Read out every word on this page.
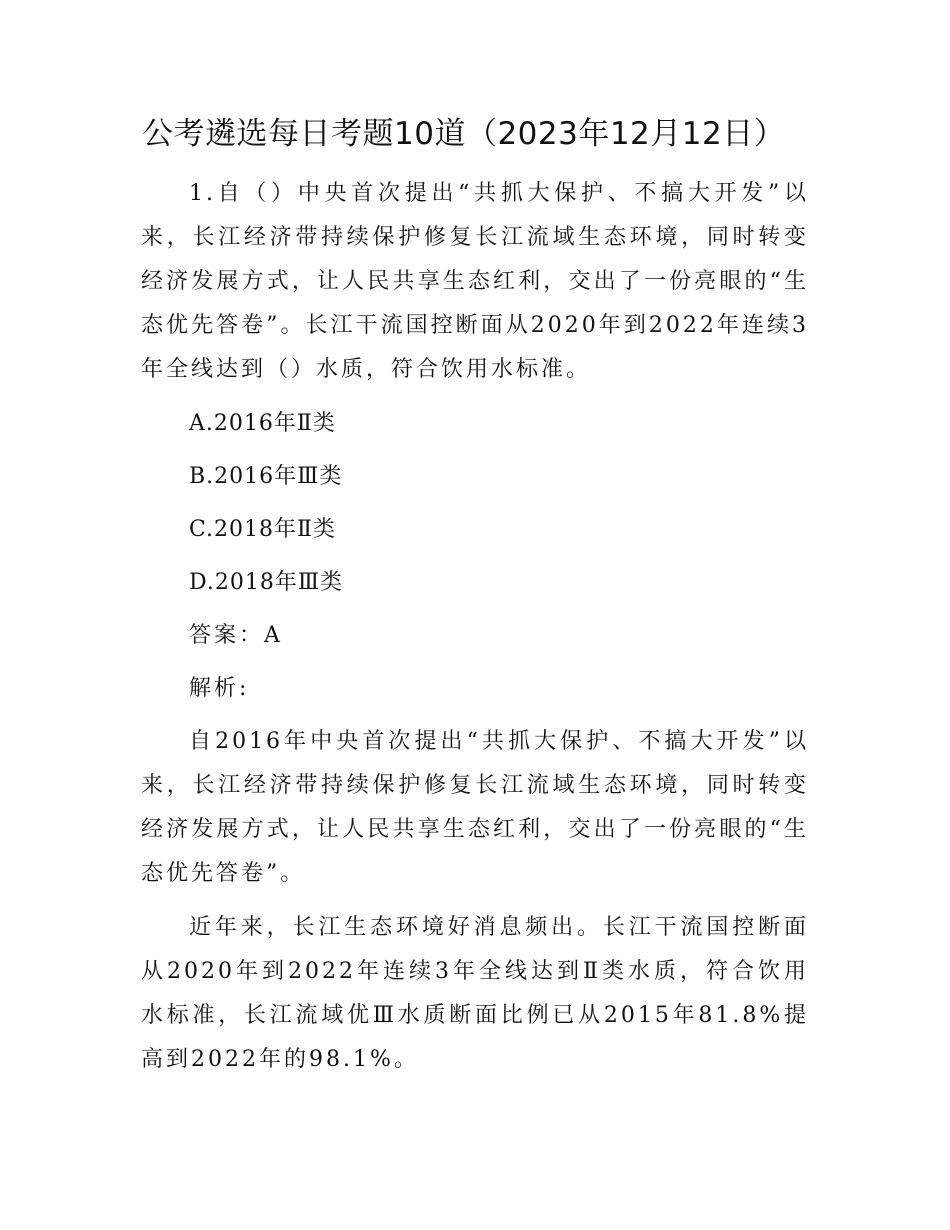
公考遴选每日考题10道（2023年12月12日）

1.自（）中央首次提出“共抓大保护、不搞大开发”以来，长江经济带持续保护修复长江流域生态环境，同时转变经济发展方式，让人民共享生态红利，交出了一份亮眼的“生态优先答卷”。长江干流国控断面从2020年到2022年连续3年全线达到（）水质，符合饮用水标准。

A.2016年Ⅱ类
B.2016年Ⅲ类
C.2018年Ⅱ类
D.2018年Ⅲ类
答案：A
解析:

自2016年中央首次提出“共抓大保护、不搞大开发”以来，长江经济带持续保护修复长江流域生态环境，同时转变经济发展方式，让人民共享生态红利，交出了一份亮眼的“生态优先答卷”。

近年来，长江生态环境好消息频出。长江干流国控断面从2020年到2022年连续3年全线达到Ⅱ类水质，符合饮用水标准，长江流域优Ⅲ水质断面比例已从2015年81.8%提高到2022年的98.1%。
